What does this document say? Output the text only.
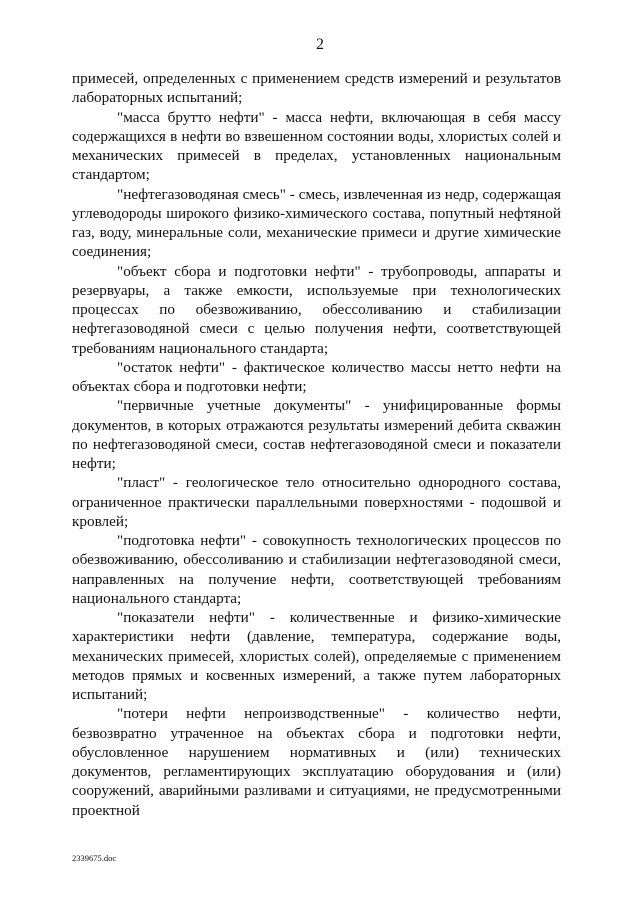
2

примесей, определенных с применением средств измерений и результатов лабораторных испытаний;

"масса брутто нефти" - масса нефти, включающая в себя массу содержащихся в нефти во взвешенном состоянии воды, хлористых солей и механических примесей в пределах, установленных национальным стандартом;

"нефтегазоводяная смесь" - смесь, извлеченная из недр, содержащая углеводороды широкого физико-химического состава, попутный нефтяной газ, воду, минеральные соли, механические примеси и другие химические соединения;

"объект сбора и подготовки нефти" - трубопроводы, аппараты и резервуары, а также емкости, используемые при технологических процессах по обезвоживанию, обессоливанию и стабилизации нефтегазоводяной смеси с целью получения нефти, соответствующей требованиям национального стандарта;

"остаток нефти" - фактическое количество массы нетто нефти на объектах сбора и подготовки нефти;

"первичные учетные документы" - унифицированные формы документов, в которых отражаются результаты измерений дебита скважин по нефтегазоводяной смеси, состав нефтегазоводяной смеси и показатели нефти;

"пласт" - геологическое тело относительно однородного состава, ограниченное практически параллельными поверхностями - подошвой и кровлей;

"подготовка нефти" - совокупность технологических процессов по обезвоживанию, обессоливанию и стабилизации нефтегазоводяной смеси, направленных на получение нефти, соответствующей требованиям национального стандарта;

"показатели нефти" - количественные и физико-химические характеристики нефти (давление, температура, содержание воды, механических примесей, хлористых солей), определяемые с применением методов прямых и косвенных измерений, а также путем лабораторных испытаний;

"потери нефти непроизводственные" - количество нефти, безвозвратно утраченное на объектах сбора и подготовки нефти, обусловленное нарушением нормативных и (или) технических документов, регламентирующих эксплуатацию оборудования и (или) сооружений, аварийными разливами и ситуациями, не предусмотренными проектной

2339675.doc
